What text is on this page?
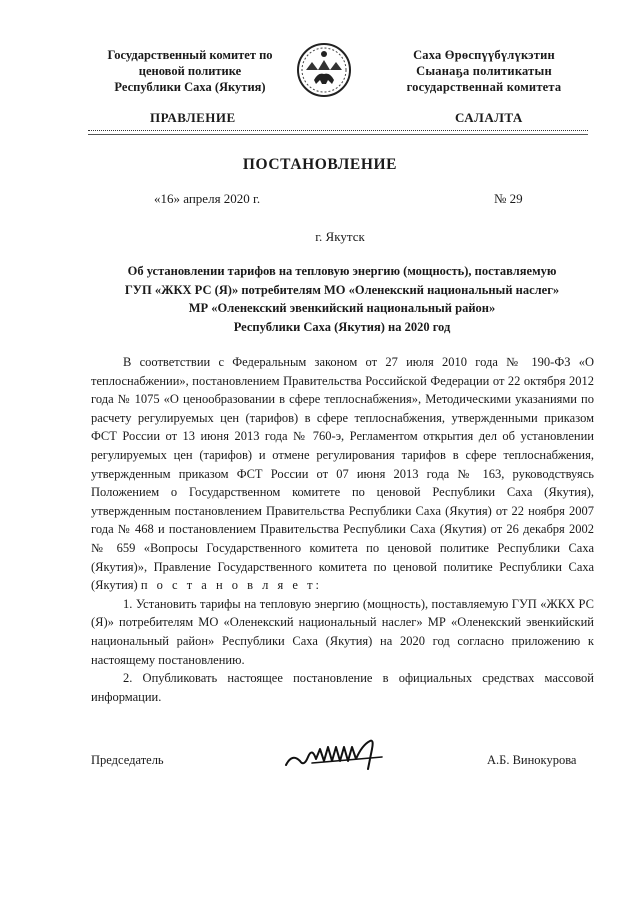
Государственный комитет по
ценовой политике
Республики Саха (Якутия)
Саха Өрөспүүбүлүкэтин
Сыанаҕа политикатын
государственнай комитета
ПРАВЛЕНИЕ	САЛАЛТА
ПОСТАНОВЛЕНИЕ
«16» апреля 2020 г.	№ 29
г. Якутск
Об установлении тарифов на тепловую энергию (мощность), поставляемую
ГУП «ЖКХ РС (Я)» потребителям МО «Оленекский национальный наслег»
МР «Оленекский эвенкийский национальный район»
Республики Саха (Якутия) на 2020 год

В соответствии с Федеральным законом от 27 июля 2010 года № 190-ФЗ «О теплоснабжении», постановлением Правительства Российской Федерации от 22 октября 2012 года № 1075 «О ценообразовании в сфере теплоснабжения», Методическими указаниями по расчету регулируемых цен (тарифов) в сфере теплоснабжения, утвержденными приказом ФСТ России от 13 июня 2013 года № 760-э, Регламентом открытия дел об установлении регулируемых цен (тарифов) и отмене регулирования тарифов в сфере теплоснабжения, утвержденным приказом ФСТ России от 07 июня 2013 года № 163, руководствуясь Положением о Государственном комитете по ценовой Республики Саха (Якутия), утвержденным постановлением Правительства Республики Саха (Якутия) от 22 ноября 2007 года № 468 и постановлением Правительства Республики Саха (Якутия) от 26 декабря 2002 № 659 «Вопросы Государственного комитета по ценовой политике Республики Саха (Якутия)», Правление Государственного комитета по ценовой политике Республики Саха (Якутия) п о с т а н о в л я е т:

1. Установить тарифы на тепловую энергию (мощность), поставляемую ГУП «ЖКХ РС (Я)» потребителям МО «Оленекский национальный наслег» МР «Оленекский эвенкийский национальный район» Республики Саха (Якутия) на 2020 год согласно приложению к настоящему постановлению.

2. Опубликовать настоящее постановление в официальных средствах массовой информации.

Председатель	А.Б. Винокурова
